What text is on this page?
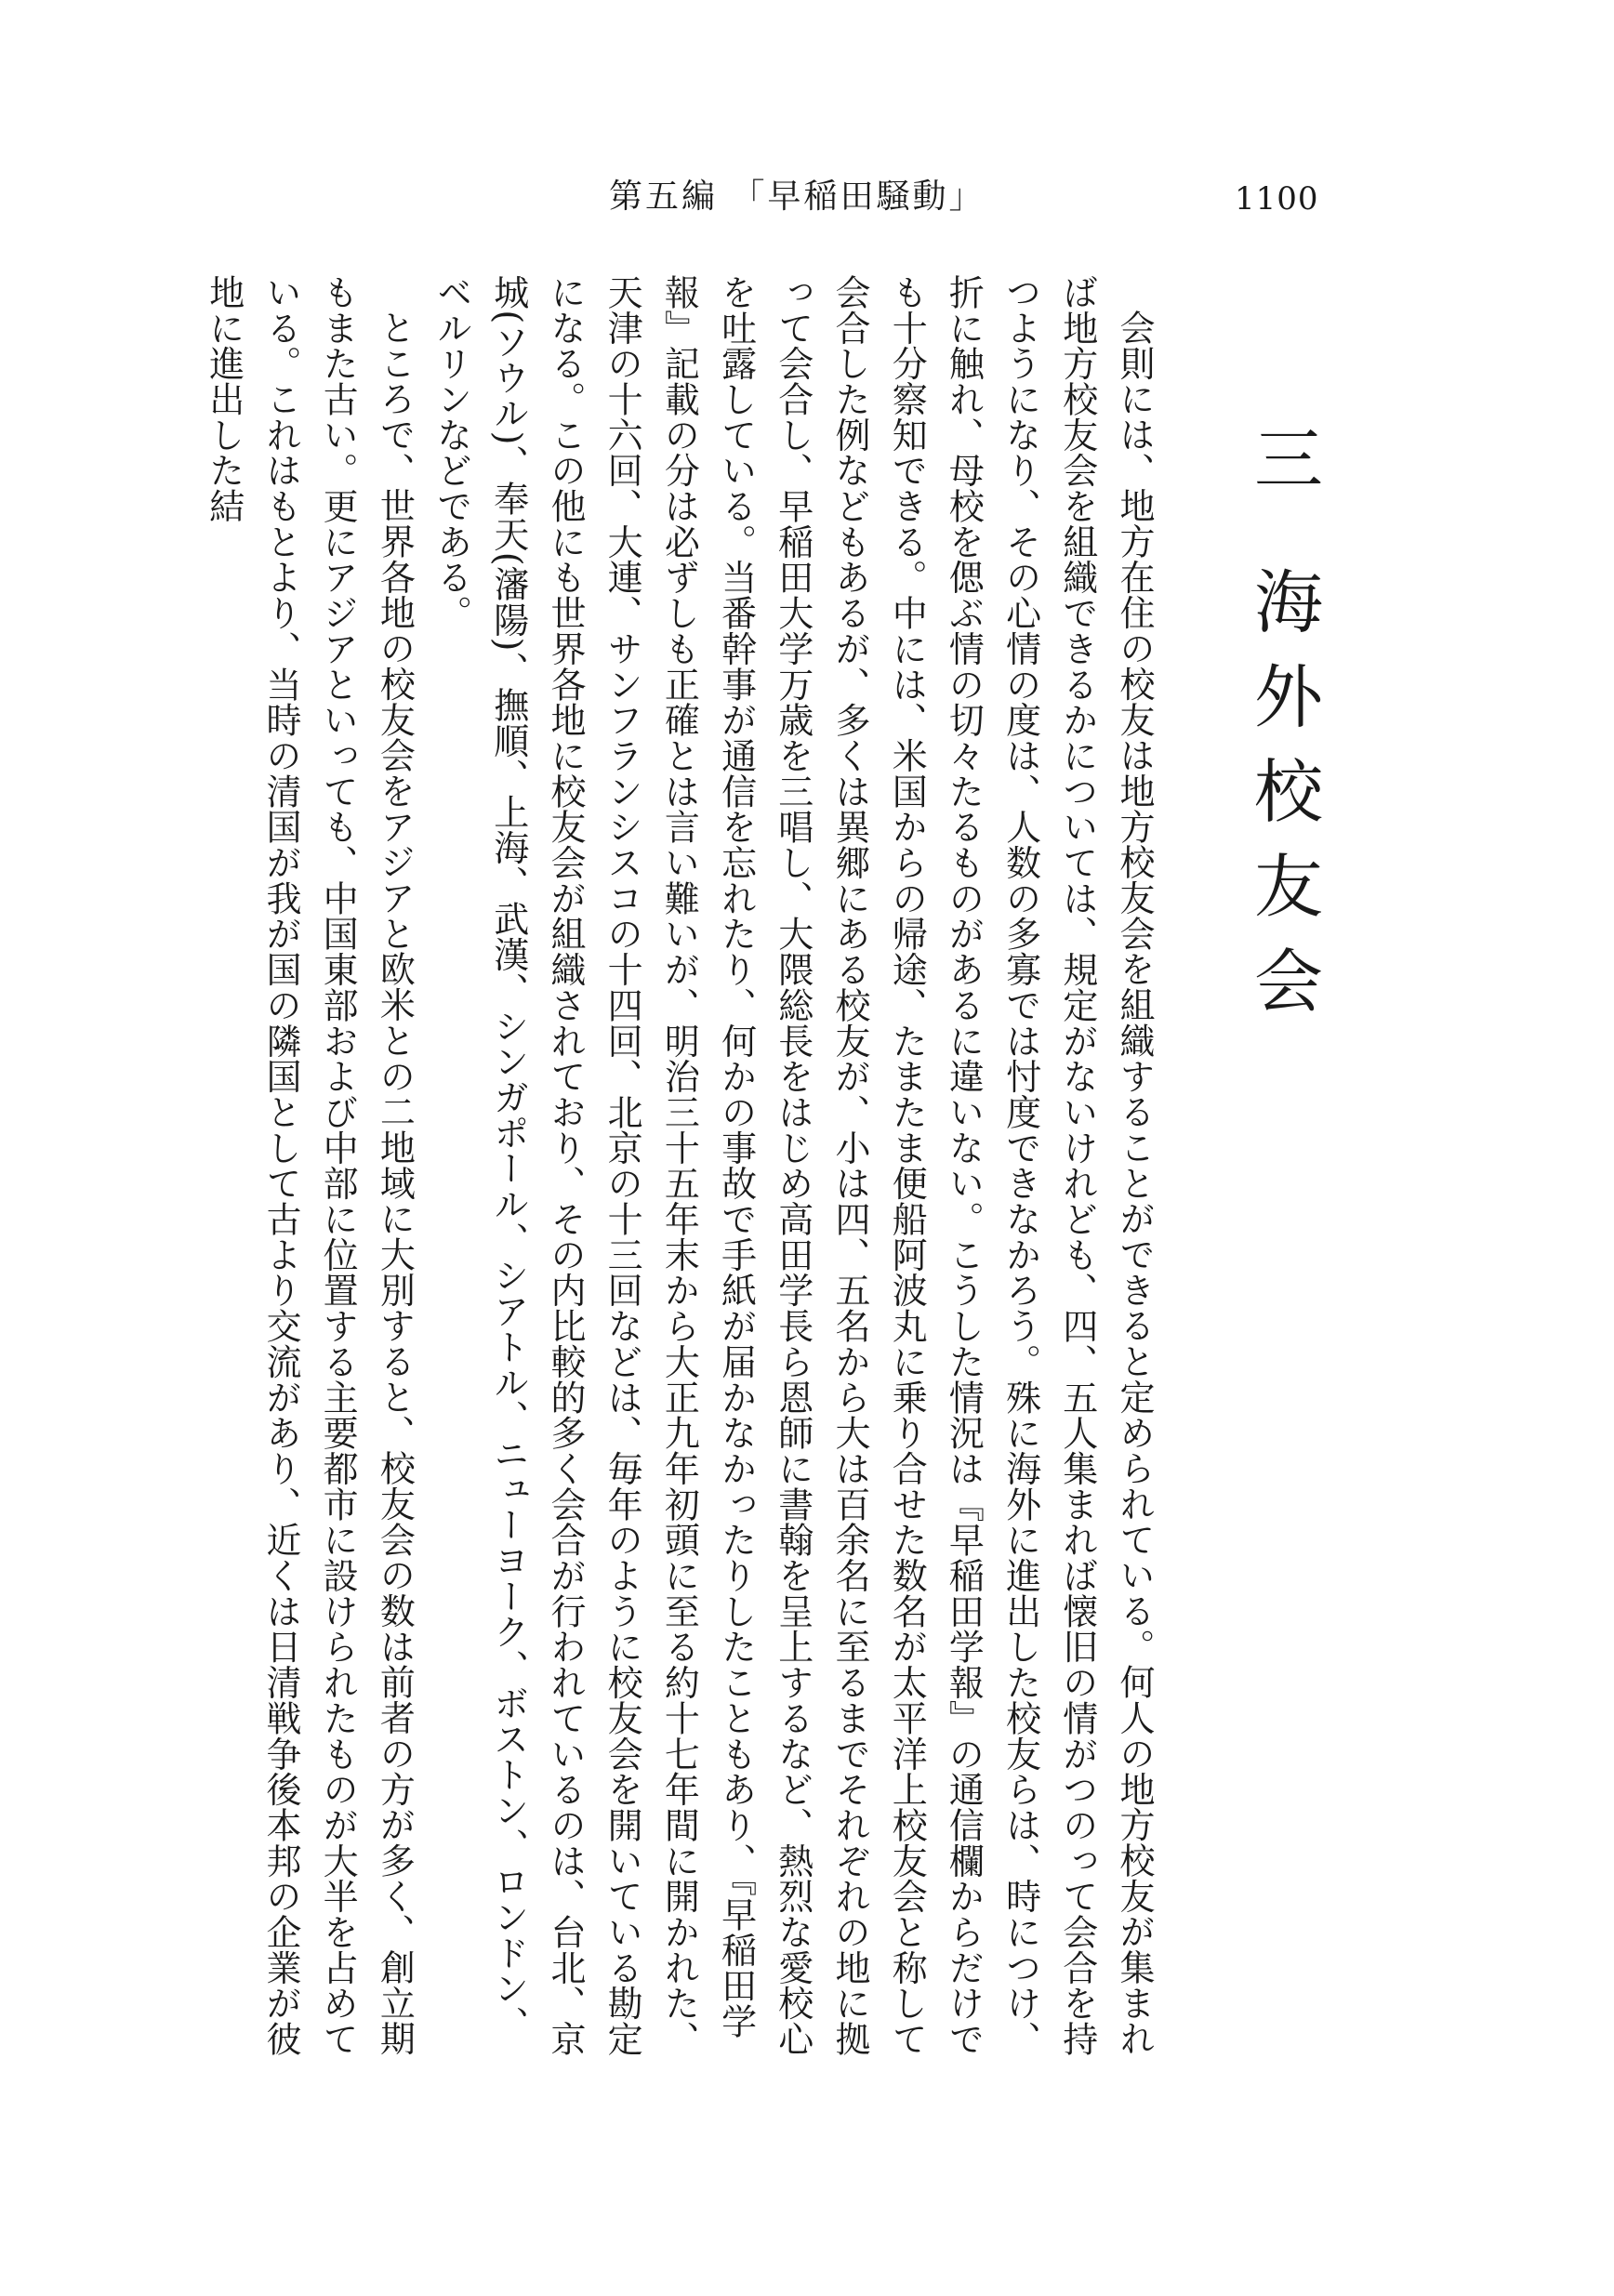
第五編 「早稲田騒動」	1100
三 海外校友会

会則には、地方在住の校友は地方校友会を組織することができると定められている。何人の地方校友が集まれば地方校友会を組織できるかについては、規定がないけれども、四、五人集まれば懐旧の情がつのって会合を持つようになり、その心情の度は、人数の多寡では忖度できなかろう。殊に海外に進出した校友らは、時につけ、折に触れ、母校を偲ぶ情の切々たるものがあるに違いない。こうした情況は『早稲田学報』の通信欄からだけでも十分察知できる。中には、米国からの帰途、たまたま便船阿波丸に乗り合せた数名が太平洋上校友会と称して会合した例などもあるが、多くは異郷にある校友が、小は四、五名から大は百余名に至るまでそれぞれの地に拠って会合し、早稲田大学万歳を三唱し、大隈総長をはじめ高田学長ら恩師に書翰を呈上するなど、熱烈な愛校心を吐露している。当番幹事が通信を忘れたり、何かの事故で手紙が届かなかったりしたこともあり、『早稲田学報』記載の分は必ずしも正確とは言い難いが、明治三十五年末から大正九年初頭に至る約十七年間に開かれた、天津の十六回、大連、サンフランシスコの十四回、北京の十三回などは、毎年のように校友会を開いている勘定になる。この他にも世界各地に校友会が組織されており、その内比較的多く会合が行われているのは、台北、京城(ソウル)、奉天(瀋陽)、撫順、上海、武漢、シンガポール、シアトル、ニューヨーク、ボストン、ロンドン、ベルリンなどである。

ところで、世界各地の校友会をアジアと欧米との二地域に大別すると、校友会の数は前者の方が多く、創立期もまた古い。更にアジアといっても、中国東部および中部に位置する主要都市に設けられたものが大半を占めている。これはもとより、当時の清国が我が国の隣国として古より交流があり、近くは日清戦争後本邦の企業が彼地に進出した結
